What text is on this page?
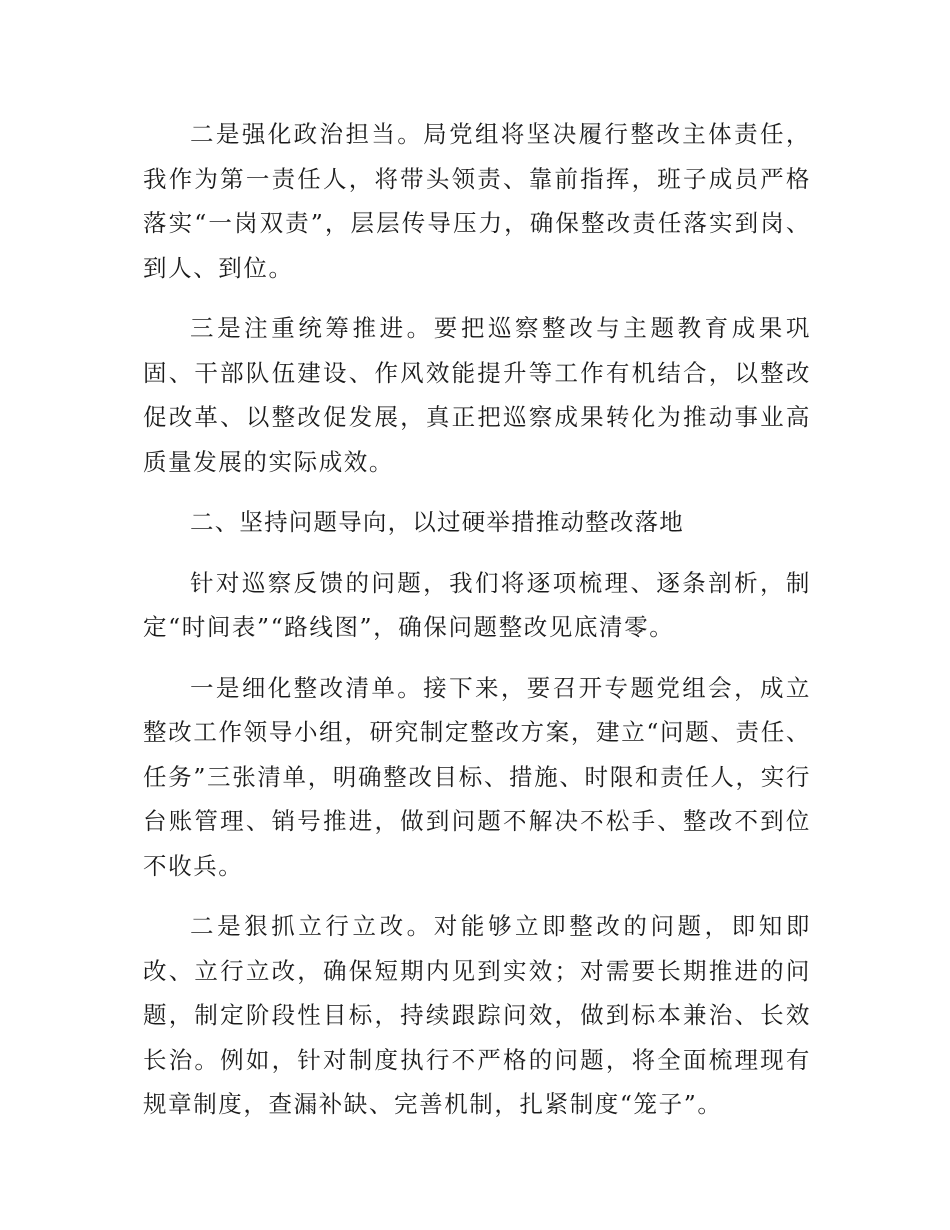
二是强化政治担当。局党组将坚决履行整改主体责任，我作为第一责任人，将带头领责、靠前指挥，班子成员严格落实“一岗双责”，层层传导压力，确保整改责任落实到岗、到人、到位。

三是注重统筹推进。要把巡察整改与主题教育成果巩固、干部队伍建设、作风效能提升等工作有机结合，以整改促改革、以整改促发展，真正把巡察成果转化为推动事业高质量发展的实际成效。

二、坚持问题导向，以过硬举措推动整改落地

针对巡察反馈的问题，我们将逐项梳理、逐条剖析，制定“时间表”“路线图”，确保问题整改见底清零。

一是细化整改清单。接下来，要召开专题党组会，成立整改工作领导小组，研究制定整改方案，建立“问题、责任、任务”三张清单，明确整改目标、措施、时限和责任人，实行台账管理、销号推进，做到问题不解决不松手、整改不到位不收兵。

二是狠抓立行立改。对能够立即整改的问题，即知即改、立行立改，确保短期内见到实效；对需要长期推进的问题，制定阶段性目标，持续跟踪问效，做到标本兼治、长效长治。例如，针对制度执行不严格的问题，将全面梳理现有规章制度，查漏补缺、完善机制，扎紧制度“笼子”。
